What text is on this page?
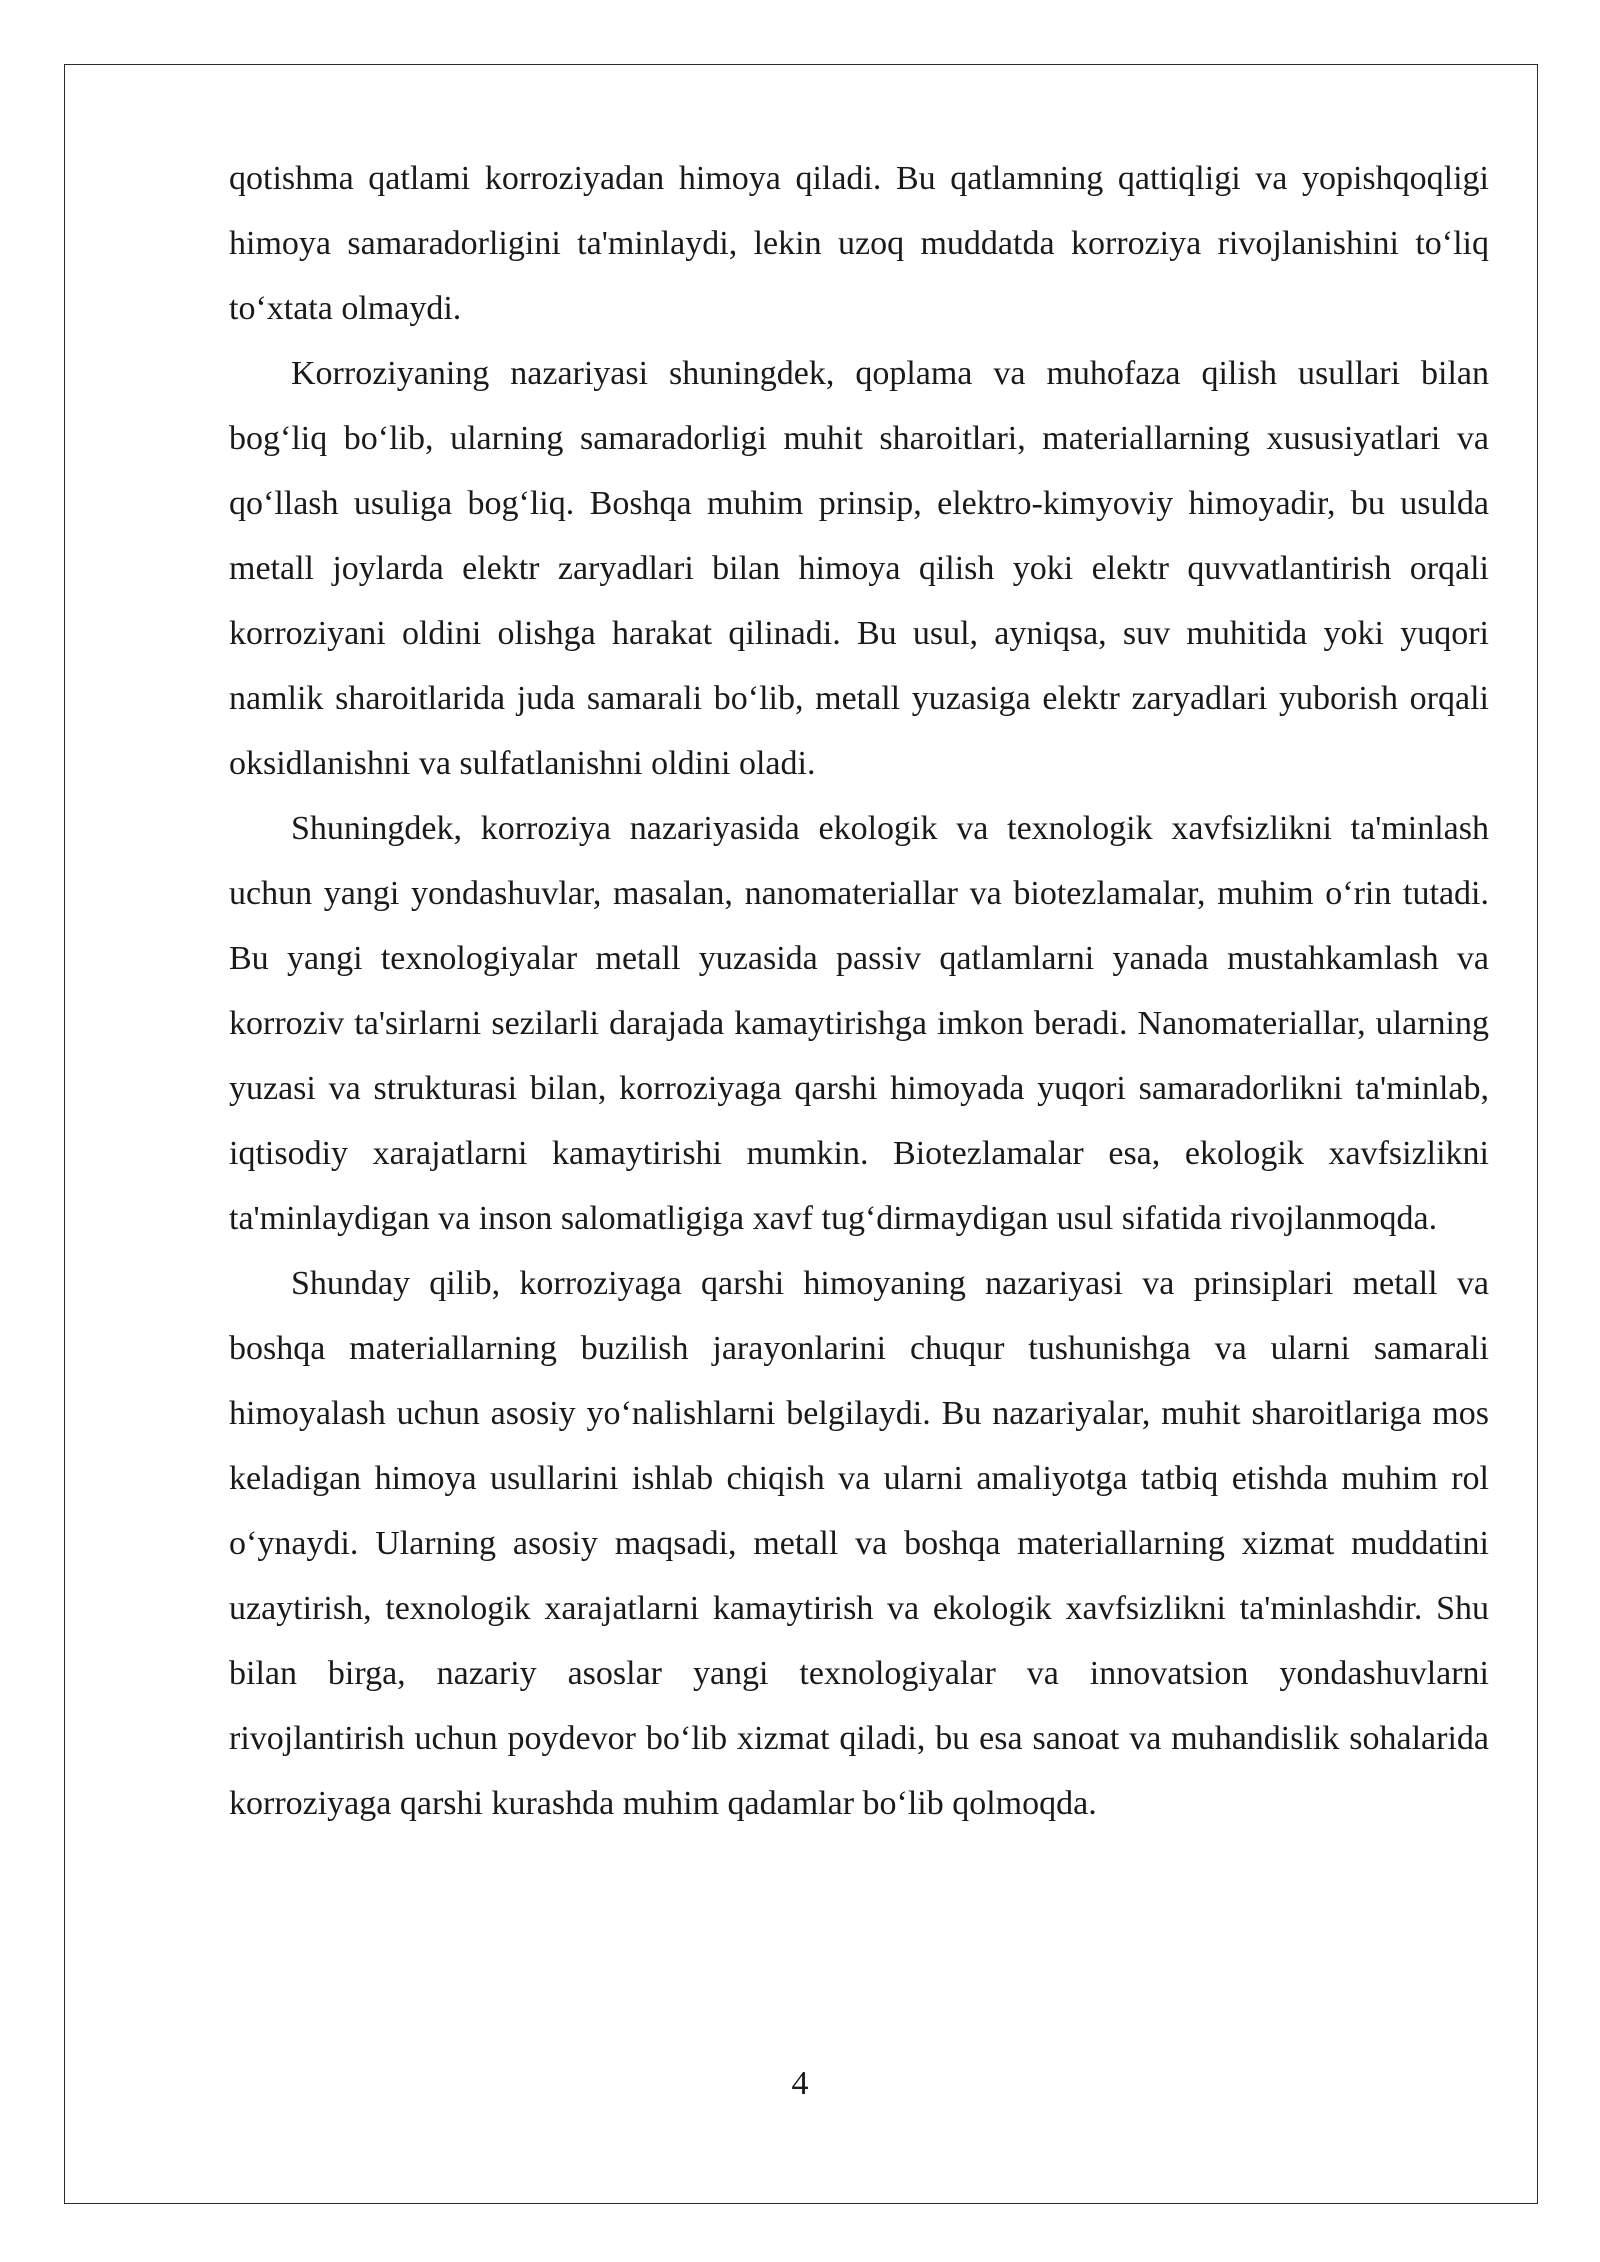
qotishma qatlami korroziyadan himoya qiladi. Bu qatlamning qattiqligi va yopishqoqligi himoya samaradorligini ta'minlaydi, lekin uzoq muddatda korroziya rivojlanishini to‘liq to‘xtata olmaydi.

Korroziyaning nazariyasi shuningdek, qoplama va muhofaza qilish usullari bilan bog‘liq bo‘lib, ularning samaradorligi muhit sharoitlari, materiallarning xususiyatlari va qo‘llash usuliga bog‘liq. Boshqa muhim prinsip, elektro-kimyoviy himoyadir, bu usulda metall joylarda elektr zaryadlari bilan himoya qilish yoki elektr quvvatlantirish orqali korroziyani oldini olishga harakat qilinadi. Bu usul, ayniqsa, suv muhitida yoki yuqori namlik sharoitlarida juda samarali bo‘lib, metall yuzasiga elektr zaryadlari yuborish orqali oksidlanishni va sulfatlanishni oldini oladi.

Shuningdek, korroziya nazariyasida ekologik va texnologik xavfsizlikni ta'minlash uchun yangi yondashuvlar, masalan, nanomateriallar va biotezlamalar, muhim o‘rin tutadi. Bu yangi texnologiyalar metall yuzasida passiv qatlamlarni yanada mustahkamlash va korroziv ta'sirlarni sezilarli darajada kamaytirishga imkon beradi. Nanomateriallar, ularning yuzasi va strukturasi bilan, korroziyaga qarshi himoyada yuqori samaradorlikni ta'minlab, iqtisodiy xarajatlarni kamaytirishi mumkin. Biotezlamalar esa, ekologik xavfsizlikni ta'minlaydigan va inson salomatligiga xavf tug‘dirmaydigan usul sifatida rivojlanmoqda.

Shunday qilib, korroziyaga qarshi himoyaning nazariyasi va prinsiplari metall va boshqa materiallarning buzilish jarayonlarini chuqur tushunishga va ularni samarali himoyalash uchun asosiy yo‘nalishlarni belgilaydi. Bu nazariyalar, muhit sharoitlariga mos keladigan himoya usullarini ishlab chiqish va ularni amaliyotga tatbiq etishda muhim rol o‘ynaydi. Ularning asosiy maqsadi, metall va boshqa materiallarning xizmat muddatini uzaytirish, texnologik xarajatlarni kamaytirish va ekologik xavfsizlikni ta'minlashdir. Shu bilan birga, nazariy asoslar yangi texnologiyalar va innovatsion yondashuvlarni rivojlantirish uchun poydevor bo‘lib xizmat qiladi, bu esa sanoat va muhandislik sohalarida korroziyaga qarshi kurashda muhim qadamlar bo‘lib qolmoqda.

4
